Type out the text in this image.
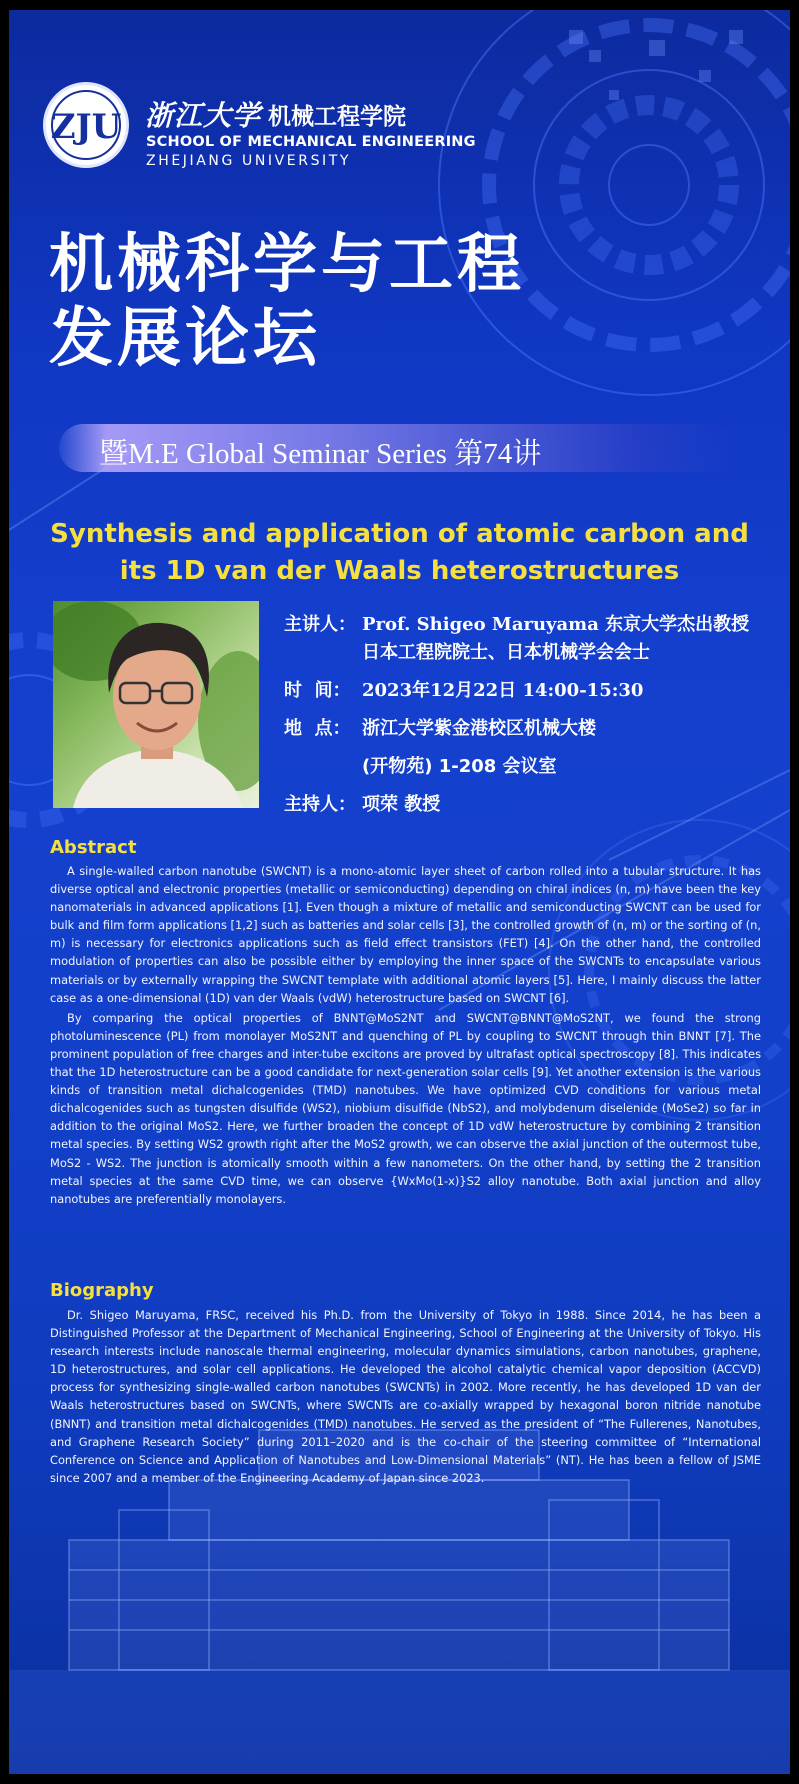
ZJU 浙江大学 机械工程学院
SCHOOL OF MECHANICAL ENGINEERING
ZHEJIANG UNIVERSITY
机械科学与工程
发展论坛
暨M.E Global Seminar Series 第74讲
Synthesis and application of atomic carbon and
its 1D van der Waals heterostructures
主讲人： Prof. Shigeo Maruyama 东京大学杰出教授
日本工程院院士、日本机械学会会士
时  间： 2023年12月22日 14:00-15:30
地  点： 浙江大学紫金港校区机械大楼
(开物苑) 1-208 会议室
主持人： 项荣 教授
Abstract

A single-walled carbon nanotube (SWCNT) is a mono-atomic layer sheet of carbon rolled into a tubular structure. It has diverse optical and electronic properties (metallic or semiconducting) depending on chiral indices (n, m) have been the key nanomaterials in advanced applications [1]. Even though a mixture of metallic and semiconducting SWCNT can be used for bulk and film form applications [1,2] such as batteries and solar cells [3], the controlled growth of (n, m) or the sorting of (n, m) is necessary for electronics applications such as field effect transistors (FET) [4]. On the other hand, the controlled modulation of properties can also be possible either by employing the inner space of the SWCNTs to encapsulate various materials or by externally wrapping the SWCNT template with additional atomic layers [5]. Here, I mainly discuss the latter case as a one-dimensional (1D) van der Waals (vdW) heterostructure based on SWCNT [6].

By comparing the optical properties of BNNT@MoS2NT and SWCNT@BNNT@MoS2NT, we found the strong photoluminescence (PL) from monolayer MoS2NT and quenching of PL by coupling to SWCNT through thin BNNT [7]. The prominent population of free charges and inter-tube excitons are proved by ultrafast optical spectroscopy [8]. This indicates that the 1D heterostructure can be a good candidate for next-generation solar cells [9]. Yet another extension is the various kinds of transition metal dichalcogenides (TMD) nanotubes. We have optimized CVD conditions for various metal dichalcogenides such as tungsten disulfide (WS2), niobium disulfide (NbS2), and molybdenum diselenide (MoSe2) so far in addition to the original MoS2. Here, we further broaden the concept of 1D vdW heterostructure by combining 2 transition metal species. By setting WS2 growth right after the MoS2 growth, we can observe the axial junction of the outermost tube, MoS2 - WS2. The junction is atomically smooth within a few nanometers. On the other hand, by setting the 2 transition metal species at the same CVD time, we can observe {WxMo(1-x)}S2 alloy nanotube. Both axial junction and alloy nanotubes are preferentially monolayers.

Biography

Dr. Shigeo Maruyama, FRSC, received his Ph.D. from the University of Tokyo in 1988. Since 2014, he has been a Distinguished Professor at the Department of Mechanical Engineering, School of Engineering at the University of Tokyo. His research interests include nanoscale thermal engineering, molecular dynamics simulations, carbon nanotubes, graphene, 1D heterostructures, and solar cell applications. He developed the alcohol catalytic chemical vapor deposition (ACCVD) process for synthesizing single-walled carbon nanotubes (SWCNTs) in 2002. More recently, he has developed 1D van der Waals heterostructures based on SWCNTs, where SWCNTs are co-axially wrapped by hexagonal boron nitride nanotube (BNNT) and transition metal dichalcogenides (TMD) nanotubes. He served as the president of “The Fullerenes, Nanotubes, and Graphene Research Society” during 2011–2020 and is the co-chair of the steering committee of “International Conference on Science and Application of Nanotubes and Low-Dimensional Materials” (NT). He has been a fellow of JSME since 2007 and a member of the Engineering Academy of Japan since 2023.
